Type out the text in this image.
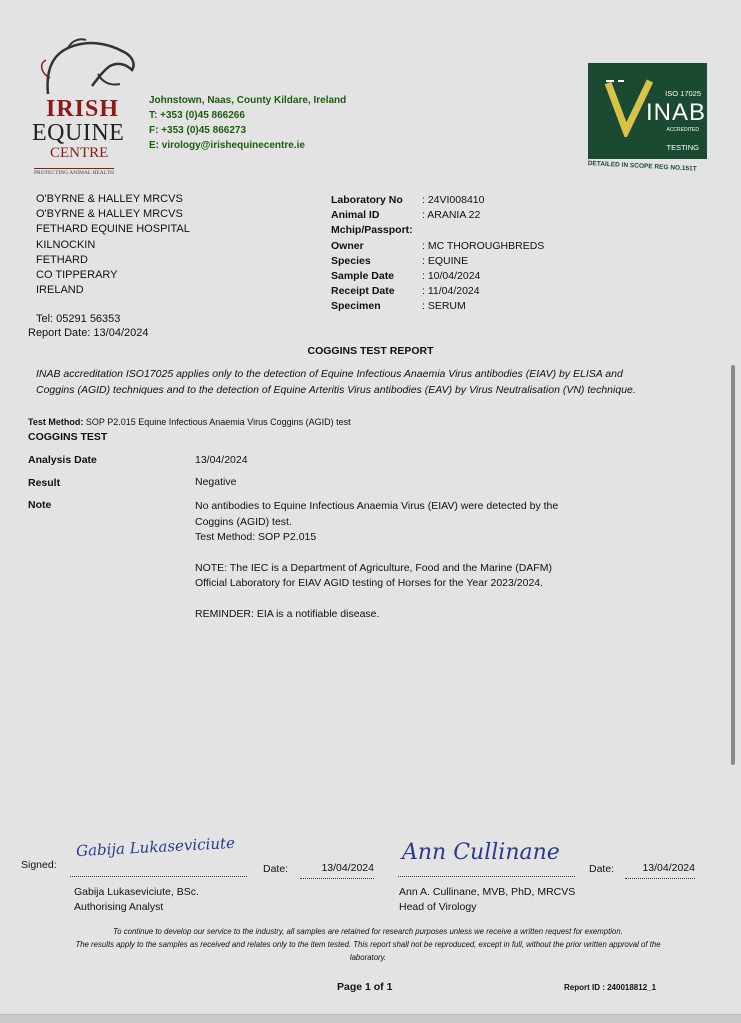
IRISH
EQUINE
CENTRE
PROTECTING ANIMAL HEALTH
Johnstown, Naas, County Kildare, Ireland
T: +353 (0)45 866266
F: +353 (0)45 866273
E: virology@irishequinecentre.ie
ISO 17025
INAB
ACCREDITED
TESTING
DETAILED IN SCOPE REG NO.151T
O'BYRNE & HALLEY MRCVS
O'BYRNE & HALLEY MRCVS
FETHARD EQUINE HOSPITAL
KILNOCKIN
FETHARD
CO TIPPERARY
IRELAND
Tel: 05291 56353
Report Date: 13/04/2024
Laboratory No	: 24VI008410
Animal ID	: ARANIA 22
Mchip/Passport:
Owner	: MC THOROUGHBREDS
Species	: EQUINE
Sample Date	: 10/04/2024
Receipt Date	: 11/04/2024
Specimen	: SERUM
COGGINS TEST REPORT
INAB accreditation ISO17025 applies only to the detection of Equine Infectious Anaemia Virus antibodies (EIAV) by ELISA and Coggins (AGID) techniques and to the detection of Equine Arteritis Virus antibodies (EAV) by Virus Neutralisation (VN) technique.
Test Method: SOP P2.015 Equine Infectious Anaemia Virus Coggins (AGID) test
COGGINS TEST
Analysis Date	13/04/2024
Result	Negative
Note	No antibodies to Equine Infectious Anaemia Virus (EIAV) were detected by the Coggins (AGID) test.
Test Method: SOP P2.015
NOTE: The IEC is a Department of Agriculture, Food and the Marine (DAFM) Official Laboratory for EIAV AGID testing of Horses for the Year 2023/2024.
REMINDER: EIA is a notifiable disease.
Signed:
Gabija Lukaseviciute
Date:	13/04/2024
Gabija Lukaseviciute, BSc.
Authorising Analyst
Ann Cullinane
Date:	13/04/2024
Ann A. Cullinane, MVB, PhD, MRCVS
Head of Virology
To continue to develop our service to the industry, all samples are retained for research purposes unless we receive a written request for exemption.
The results apply to the samples as received and relates only to the item tested. This report shall not be reproduced, except in full, without the prior written approval of the laboratory.
Page 1 of 1	Report ID : 240018812_1
